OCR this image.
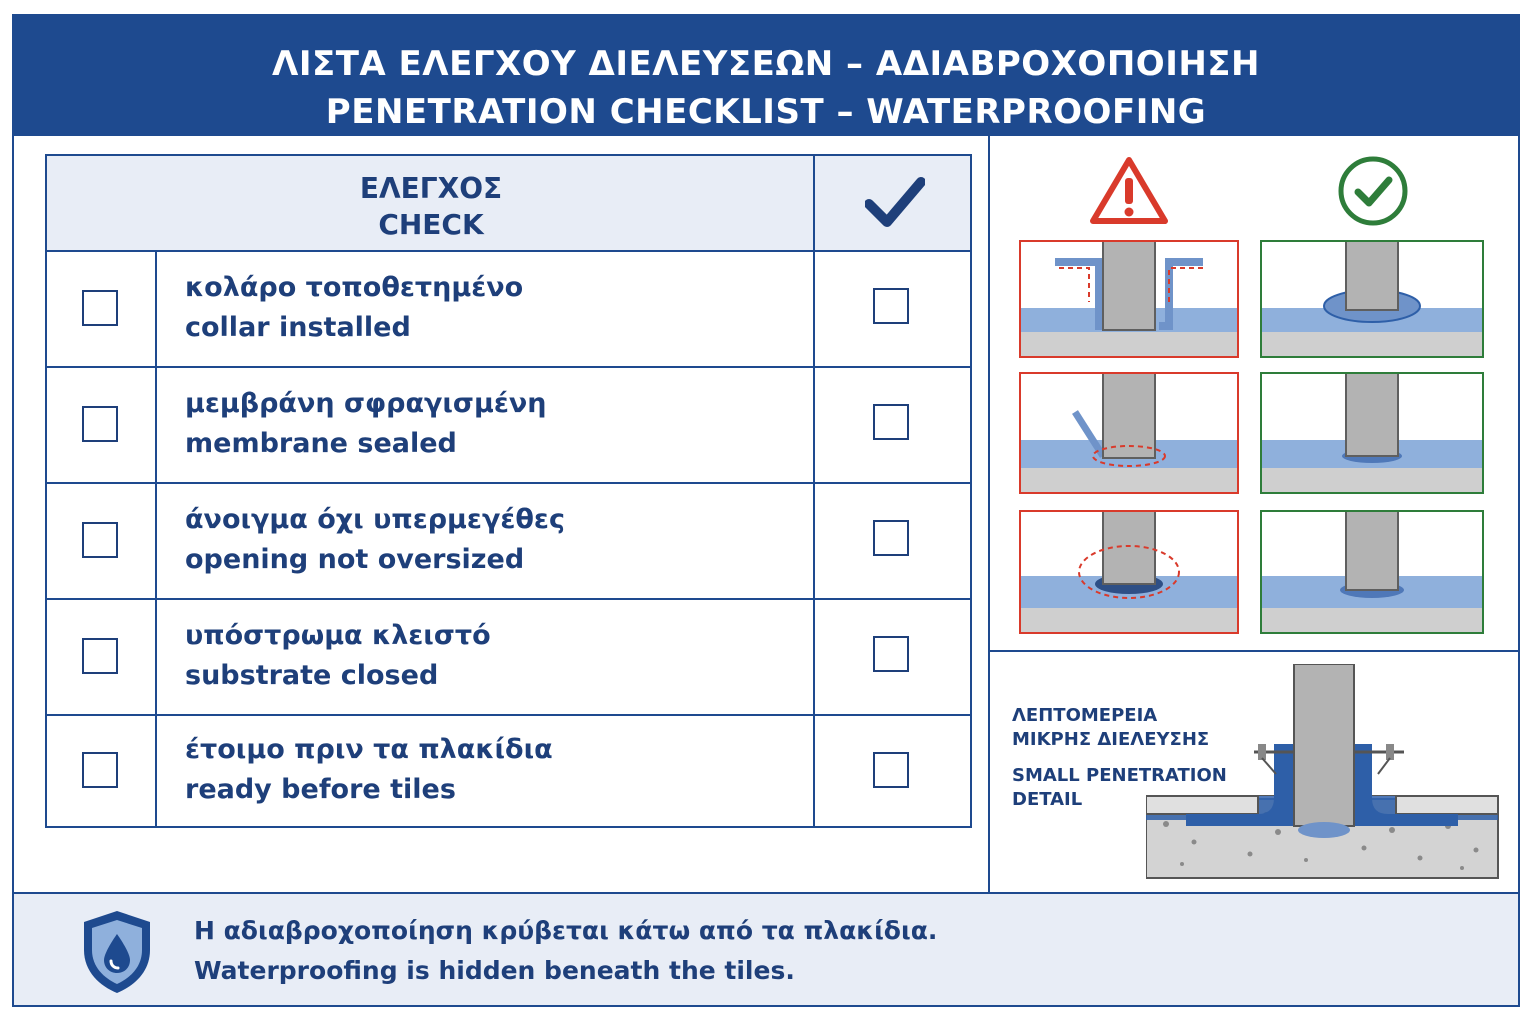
ΛΙΣΤΑ ΕΛΕΓΧΟΥ ΔΙΕΛΕΥΣΕΩΝ – ΑΔΙΑΒΡΟΧΟΠΟΙΗΣΗ
PENETRATION CHECKLIST – WATERPROOFING
ΕΛΕΓΧΟΣ
CHECK
κολάρο τοποθετημένο
collar installed
μεμβράνη σφραγισμένη
membrane sealed
άνοιγμα όχι υπερμεγέθες
opening not oversized
υπόστρωμα κλειστό
substrate closed
έτοιμο πριν τα πλακίδια
ready before tiles
ΛΕΠΤΟΜΕΡΕΙΑ
ΜΙΚΡΗΣ ΔΙΕΛΕΥΣΗΣ
SMALL PENETRATION
DETAIL
Η αδιαβροχοποίηση κρύβεται κάτω από τα πλακίδια.
Waterproofing is hidden beneath the tiles.
